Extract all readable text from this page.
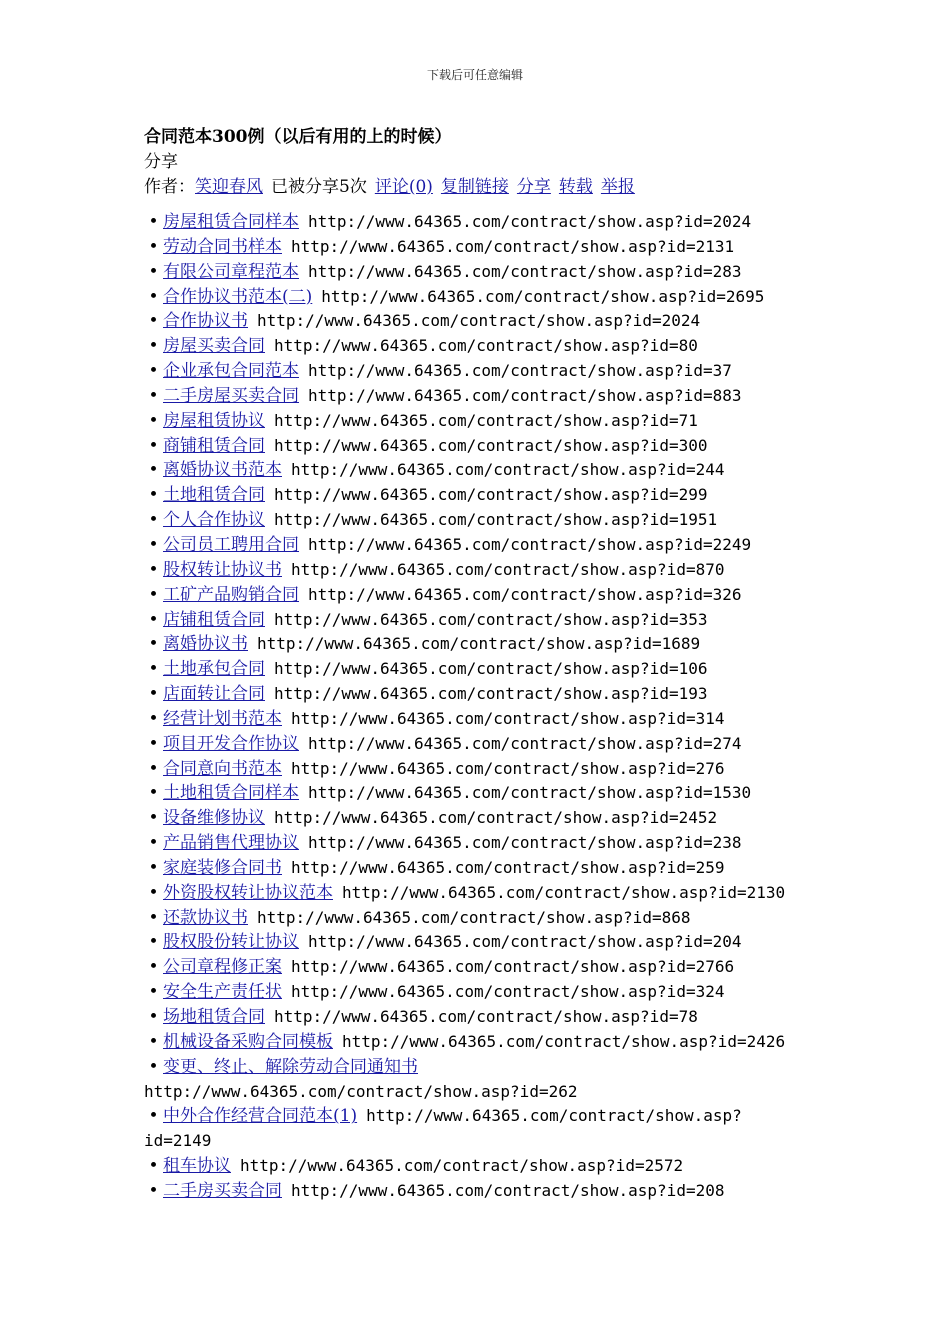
下载后可任意编辑
合同范本300例（以后有用的上的时候）
分享
作者：笑迎春风 已被分享5次 评论(0) 复制链接 分享 转载 举报
• 房屋租赁合同样本 http://www.64365.com/contract/show.asp?id=2024
• 劳动合同书样本 http://www.64365.com/contract/show.asp?id=2131
• 有限公司章程范本 http://www.64365.com/contract/show.asp?id=283
• 合作协议书范本(二) http://www.64365.com/contract/show.asp?id=2695
• 合作协议书 http://www.64365.com/contract/show.asp?id=2024
• 房屋买卖合同 http://www.64365.com/contract/show.asp?id=80
• 企业承包合同范本 http://www.64365.com/contract/show.asp?id=37
• 二手房屋买卖合同 http://www.64365.com/contract/show.asp?id=883
• 房屋租赁协议 http://www.64365.com/contract/show.asp?id=71
• 商铺租赁合同 http://www.64365.com/contract/show.asp?id=300
• 离婚协议书范本 http://www.64365.com/contract/show.asp?id=244
• 土地租赁合同 http://www.64365.com/contract/show.asp?id=299
• 个人合作协议 http://www.64365.com/contract/show.asp?id=1951
• 公司员工聘用合同 http://www.64365.com/contract/show.asp?id=2249
• 股权转让协议书 http://www.64365.com/contract/show.asp?id=870
• 工矿产品购销合同 http://www.64365.com/contract/show.asp?id=326
• 店铺租赁合同 http://www.64365.com/contract/show.asp?id=353
• 离婚协议书 http://www.64365.com/contract/show.asp?id=1689
• 土地承包合同 http://www.64365.com/contract/show.asp?id=106
• 店面转让合同 http://www.64365.com/contract/show.asp?id=193
• 经营计划书范本 http://www.64365.com/contract/show.asp?id=314
• 项目开发合作协议 http://www.64365.com/contract/show.asp?id=274
• 合同意向书范本 http://www.64365.com/contract/show.asp?id=276
• 土地租赁合同样本 http://www.64365.com/contract/show.asp?id=1530
• 设备维修协议 http://www.64365.com/contract/show.asp?id=2452
• 产品销售代理协议 http://www.64365.com/contract/show.asp?id=238
• 家庭装修合同书 http://www.64365.com/contract/show.asp?id=259
• 外资股权转让协议范本 http://www.64365.com/contract/show.asp?id=2130
• 还款协议书 http://www.64365.com/contract/show.asp?id=868
• 股权股份转让协议 http://www.64365.com/contract/show.asp?id=204
• 公司章程修正案 http://www.64365.com/contract/show.asp?id=2766
• 安全生产责任状 http://www.64365.com/contract/show.asp?id=324
• 场地租赁合同 http://www.64365.com/contract/show.asp?id=78
• 机械设备采购合同模板 http://www.64365.com/contract/show.asp?id=2426
• 变更、终止、解除劳动合同通知书
http://www.64365.com/contract/show.asp?id=262
• 中外合作经营合同范本(1) http://www.64365.com/contract/show.asp?
id=2149
• 租车协议 http://www.64365.com/contract/show.asp?id=2572
• 二手房买卖合同 http://www.64365.com/contract/show.asp?id=208
